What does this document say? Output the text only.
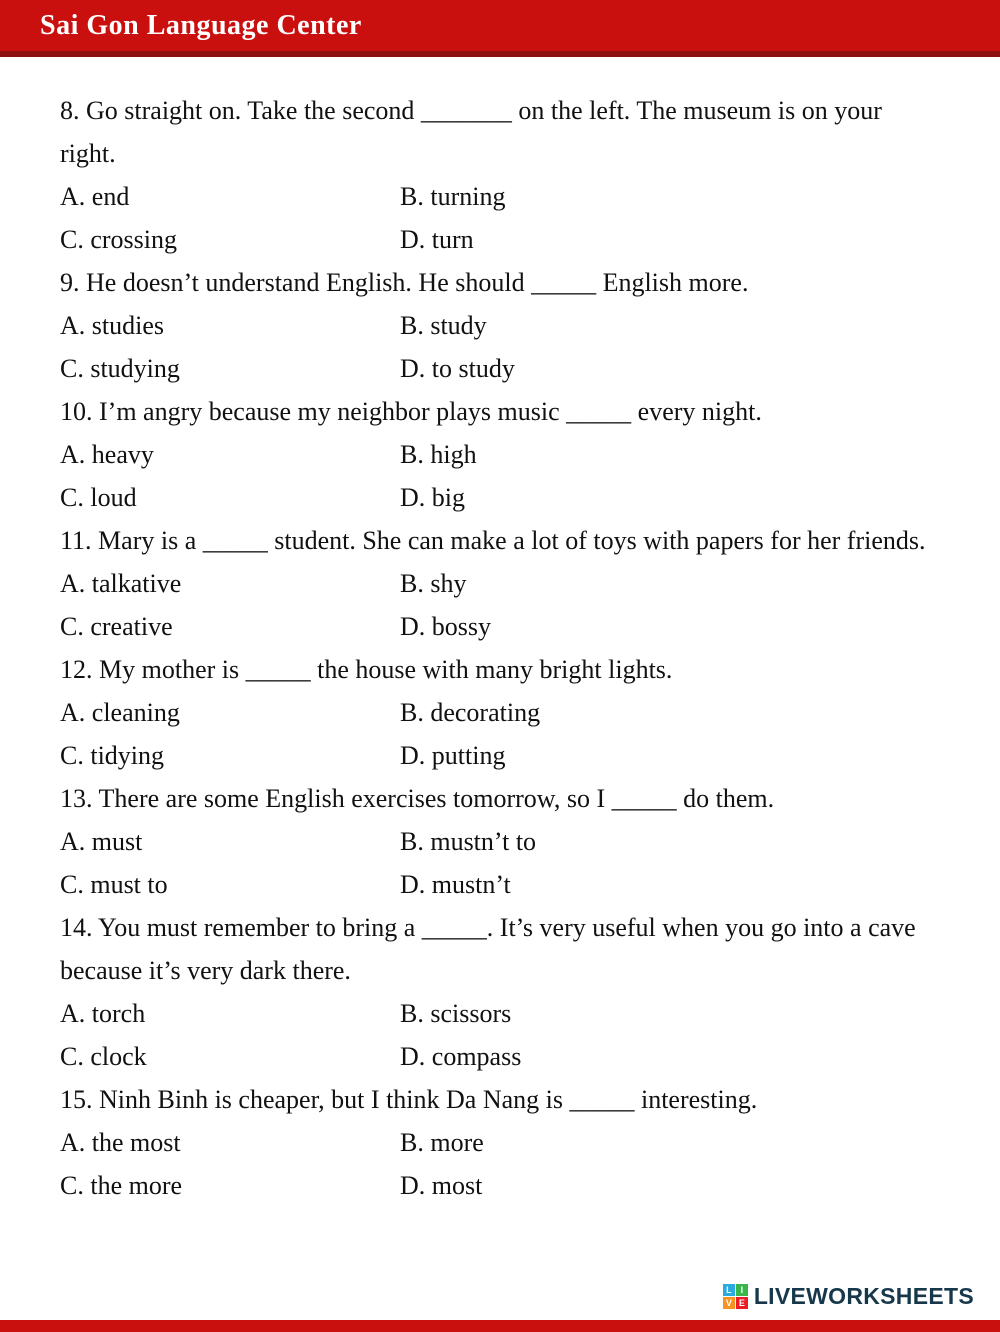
Sai Gon Language Center

8. Go straight on. Take the second _______ on the left. The museum is on your right.

A. end	B. turning
C. crossing	D. turn

9. He doesn’t understand English. He should _____ English more.

A. studies	B. study
C. studying	D. to study

10. I’m angry because my neighbor plays music _____ every night.

A. heavy	B. high
C. loud	D. big

11. Mary is a _____ student. She can make a lot of toys with papers for her friends.

A. talkative	B. shy
C. creative	D. bossy

12. My mother is _____ the house with many bright lights.

A. cleaning	B. decorating
C. tidying	D. putting

13. There are some English exercises tomorrow, so I _____ do them.

A. must	B. mustn’t to
C. must to	D. mustn’t

14. You must remember to bring a _____. It’s very useful when you go into a cave because it’s very dark there.

A. torch	B. scissors
C. clock	D. compass

15. Ninh Binh is cheaper, but I think Da Nang is _____ interesting.

A. the most	B. more
C. the more	D. most
L I
V E LIVEWORKSHEETS
